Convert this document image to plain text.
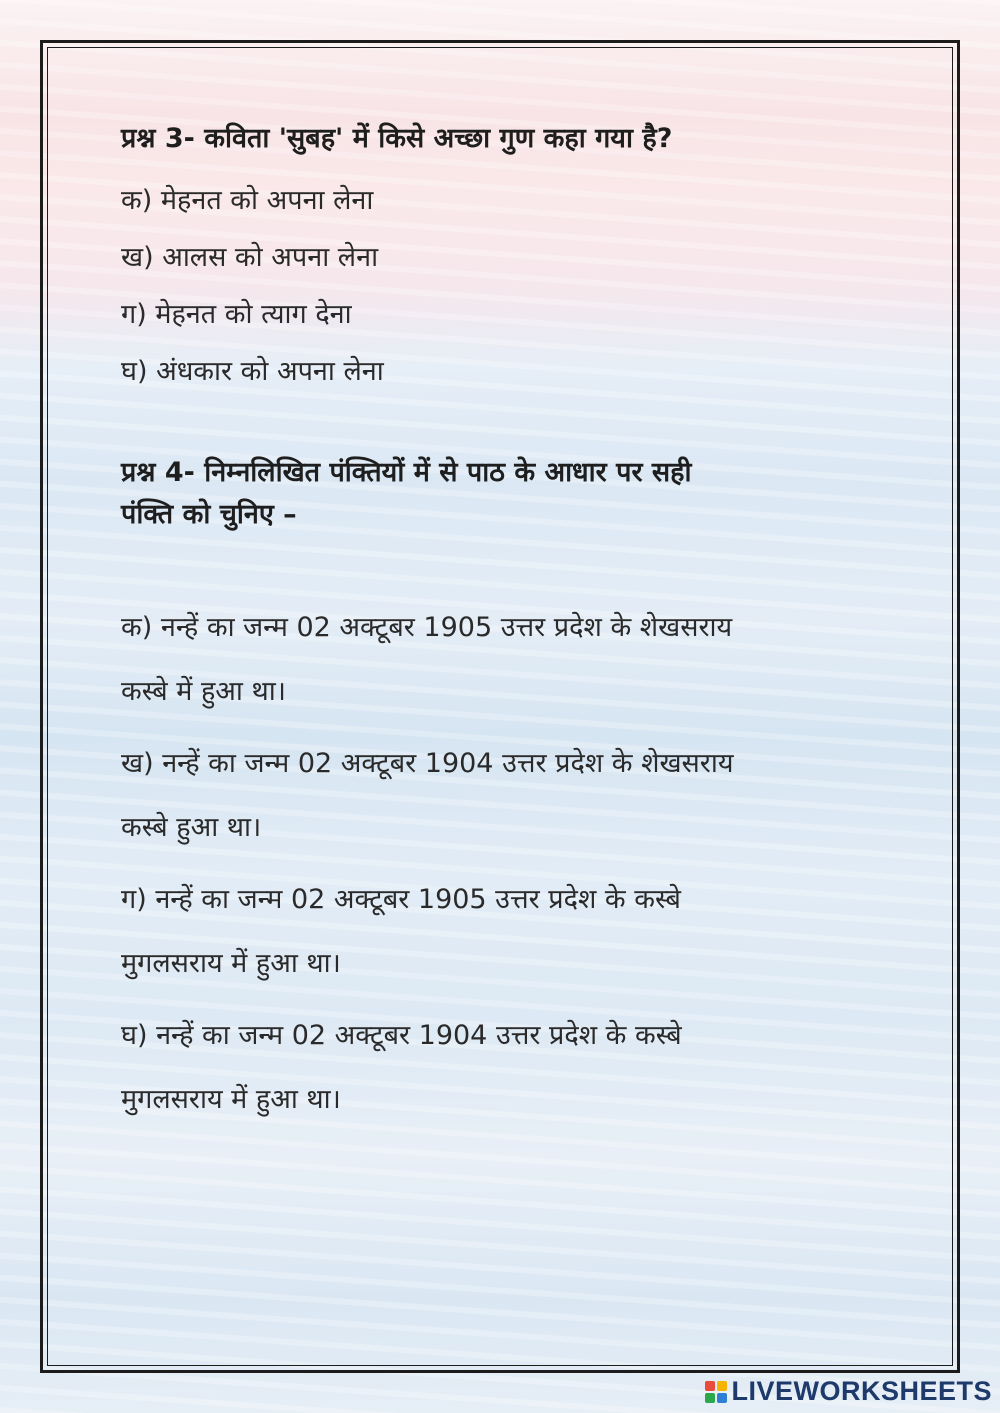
प्रश्न 3- कविता 'सुबह' में किसे अच्छा गुण कहा गया है?

क) मेहनत को अपना लेना

ख) आलस को अपना लेना

ग) मेहनत को त्याग देना

घ) अंधकार को अपना लेना

प्रश्न 4- निम्नलिखित पंक्तियों में से पाठ के आधार पर सही

पंक्ति को चुनिए –

क) नन्हें का जन्म 02 अक्टूबर 1905 उत्तर प्रदेश के शेखसराय

कस्बे में हुआ था।

ख) नन्हें का जन्म 02 अक्टूबर 1904 उत्तर प्रदेश के शेखसराय

कस्बे हुआ था।

ग) नन्हें का जन्म 02 अक्टूबर 1905 उत्तर प्रदेश के कस्बे

मुगलसराय में हुआ था।

घ) नन्हें का जन्म 02 अक्टूबर 1904 उत्तर प्रदेश के कस्बे

मुगलसराय में हुआ था।

LIVEWORKSHEETS
